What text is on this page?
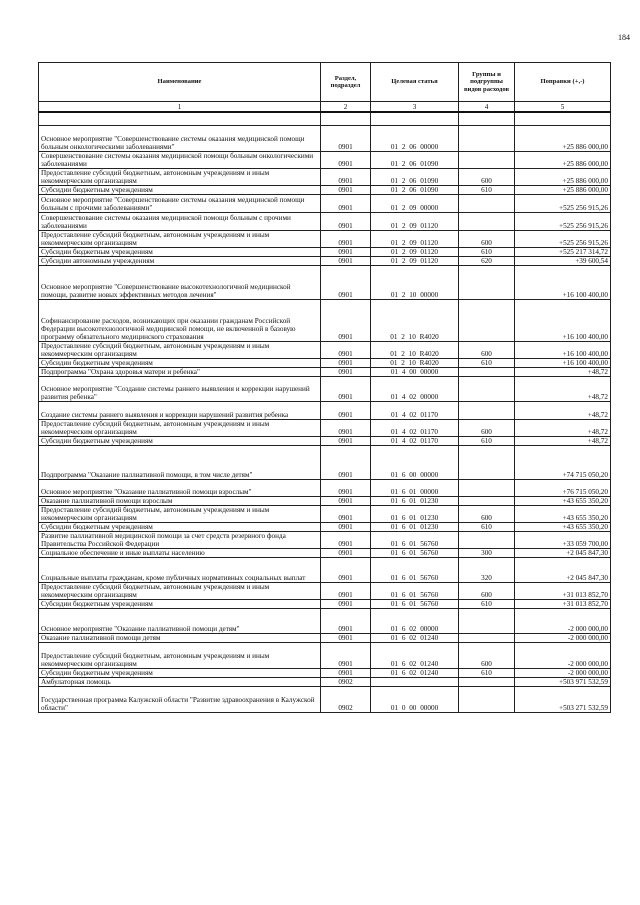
184
Наименование	Раздел, подраздел	Целевая статья	Группы и подгруппы видов расходов	Поправки (+,-)
1	2	3	4	5

Основное мероприятие "Совершенствование системы оказания медицинской помощи больным онкологическими заболеваниями"	0901	01 2 06 00000		+25 886 000,00
Совершенствование системы оказания медицинской помощи больным онкологическими заболеваниями	0901	01 2 06 01090		+25 886 000,00
Предоставление субсидий бюджетным, автономным учреждениям и иным некоммерческим организациям	0901	01 2 06 01090	600	+25 886 000,00
Субсидии бюджетным учреждениям	0901	01 2 06 01090	610	+25 886 000,00
Основное мероприятие "Совершенствование системы оказания медицинской помощи больным с прочими заболеваниями"	0901	01 2 09 00000		+525 256 915,26
Совершенствование системы оказания медицинской помощи больным с прочими заболеваниями	0901	01 2 09 01120		+525 256 915,26
Предоставление субсидий бюджетным, автономным учреждениям и иным некоммерческим организациям	0901	01 2 09 01120	600	+525 256 915,26
Субсидии бюджетным учреждениям	0901	01 2 09 01120	610	+525 217 314,72
Субсидии автономным учреждениям	0901	01 2 09 01120	620	+39 600,54
Основное мероприятие "Совершенствование высокотехнологичной медицинской помощи, развитие новых эффективных методов лечения"	0901	01 2 10 00000		+16 100 400,00
Софинансирование расходов, возникающих при оказании гражданам Российской Федерации высокотехнологичной медицинской помощи, не включенной в базовую программу обязательного медицинского страхования	0901	01 2 10 R4020		+16 100 400,00
Предоставление субсидий бюджетным, автономным учреждениям и иным некоммерческим организациям	0901	01 2 10 R4020	600	+16 100 400,00
Субсидии бюджетным учреждениям	0901	01 2 10 R4020	610	+16 100 400,00
Подпрограмма "Охрана здоровья матери и ребенка"	0901	01 4 00 00000		+48,72
Основное мероприятие "Создание системы раннего выявления и коррекции нарушений развития ребенка"	0901	01 4 02 00000		+48,72
Создание системы раннего выявления и коррекции нарушений развития ребенка	0901	01 4 02 01170		+48,72
Предоставление субсидий бюджетным, автономным учреждениям и иным некоммерческим организациям	0901	01 4 02 01170	600	+48,72
Субсидии бюджетным учреждениям	0901	01 4 02 01170	610	+48,72
Подпрограмма "Оказание паллиативной помощи, в том числе детям"	0901	01 6 00 00000		+74 715 050,20
Основное мероприятие "Оказание паллиативной помощи взрослым"	0901	01 6 01 00000		+76 715 050,20
Оказание паллиативной помощи взрослым	0901	01 6 01 01230		+43 655 350,20
Предоставление субсидий бюджетным, автономным учреждениям и иным некоммерческим организациям	0901	01 6 01 01230	600	+43 655 350,20
Субсидии бюджетным учреждениям	0901	01 6 01 01230	610	+43 655 350,20
Развитие паллиативной медицинской помощи за счет средств резервного фонда Правительства Российской Федерации	0901	01 6 01 56760		+33 059 700,00
Социальное обеспечение и иные выплаты населению	0901	01 6 01 56760	300	+2 045 847,30
Социальные выплаты гражданам, кроме публичных нормативных социальных выплат	0901	01 6 01 56760	320	+2 045 847,30
Предоставление субсидий бюджетным, автономным учреждениям и иным некоммерческим организациям	0901	01 6 01 56760	600	+31 013 852,70
Субсидии бюджетным учреждениям	0901	01 6 01 56760	610	+31 013 852,70
Основное мероприятие "Оказание паллиативной помощи детям"	0901	01 6 02 00000		-2 000 000,00
Оказание паллиативной помощи детям	0901	01 6 02 01240		-2 000 000,00
Предоставление субсидий бюджетным, автономным учреждениям и иным некоммерческим организациям	0901	01 6 02 01240	600	-2 000 000,00
Субсидии бюджетным учреждениям	0901	01 6 02 01240	610	-2 000 000,00
Амбулаторная помощь	0902			+503 971 532,59
Государственная программа Калужской области "Развитие здравоохранения в Калужской области"	0902	01 0 00 00000		+503 271 532,59
